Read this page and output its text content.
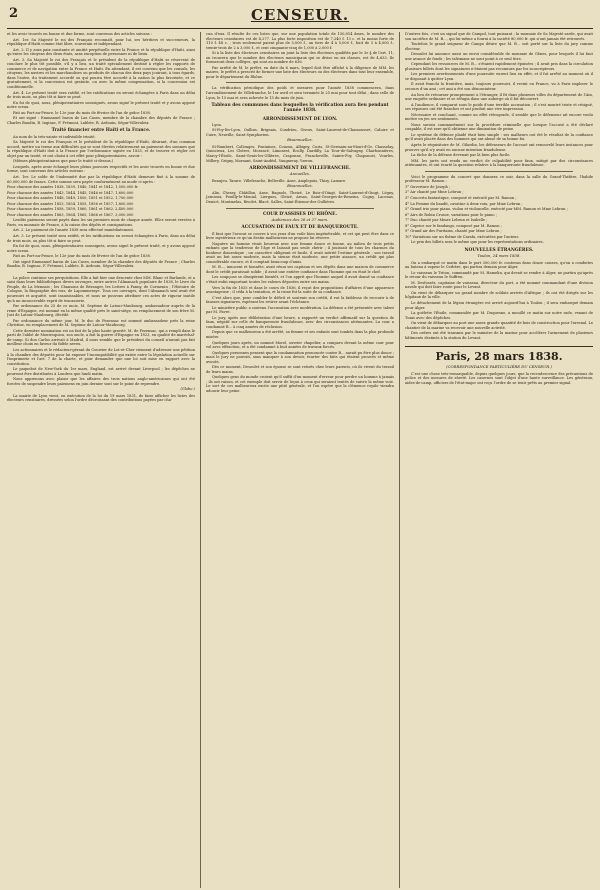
2	CENSEUR.

et les avoir trouvés en bonne et due forme, sont convenus des articles suivans :

Art. 1er. Sa Majesté le roi des Français reconnaît, pour lui, ses héritiers et successeurs, la république d'Haïti comme état libre, souverain et indépendant.

Art. 2. Il y aura paix constante et amitié perpétuelle entre la France et la république d'Haïti, ainsi qu'entre les citoyens des deux états, sans exception de personnes ni de lieux.

Art. 3. Sa Majesté le roi des Français et le président de la république d'Haïti se réservent de conclure le plus tôt possible, s'il y a lieu, un traité spécialement destiné à régler les rapports de commerce et de navigation entre la France et Haïti. En attendant, il est convenu que les consuls, les citoyens, les navires et les marchandises ou produits de chacun des deux pays jouiront, à tous égards, dans l'autre, du traitement accordé ou qui pourra être accordé à la nation la plus favorisée, et ce gratuitement, si la concession est gratuite, ou avec la même compensation, si la concession est conditionnelle.

Art. 4. Le présent traité sera ratifié, et les ratifications en seront échangées à Paris dans un délai de trois mois, ou plus tôt si faire se peut.

En foi de quoi, nous, plénipotentiaires soussignés, avons signé le présent traité et y avons apposé notre sceau.

Fait au Port-au-Prince, le 12e jour du mois de février de l'an de grâce 1838.

Et ont signé : Emmanuel baron de Las Cases, membre de la chambre des députés de France ; Charles Baudin, B. Inginac, F. Frémont, Labbée, B. Ardouin, Ségur-Villevaleix.

Traité financier entre Haïti et la France.

Au nom de la très-sainte et indivisible trinité.

Sa Majesté le roi des Français et le président de la république d'Haïti, désirant, d'un commun accord, mettre un terme aux difficultés qui se sont élevées relativement au paiement des sommes que la république d'Haïti doit à la France par l'ordonnance signée en 1825, et de trouver et régler cet objet par un traité, et ont choisi à cet effet pour plénipotentiaires, savoir :

(Mêmes plénipotentiaires que pour le traité ci-dessus.)

Lesquels, après avoir échangé leurs pleins pouvoirs respectifs et les avoir trouvés en bonne et due forme, sont convenus des articles suivans :

Art. 1er. Le solde de l'indemnité due par la république d'Haïti demeure fixé à la somme de 60,000,000 de francs. Cette somme sera payée conformément au mode ci-après :

Pour chacune des années 1838, 1839, 1840, 1841 et 1842, 1,500,000 fr.

Pour chacune des années 1843, 1844, 1845, 1846 et 1847, 1,600,000

Pour chacune des années 1848, 1849, 1850, 1851 et 1852, 1,700,000

Pour chacune des années 1853, 1854, 1855, 1856 et 1857, 1,800,000

Pour chacune des années 1858, 1859, 1860, 1861 et 1862, 2,400,000

Pour chacune des années 1863, 1864, 1865, 1866 et 1867, 3,000,000

Lesdits paiemens seront payés dans les six premiers mois de chaque année. Elles seront versées à Paris, en monnaie de France, à la caisse des dépôts et consignations.

Art. 2. Le paiement de l'année 1838 sera effectué immédiatement.

Art. 3. Le présent traité sera ratifié, et les ratifications en seront échangées à Paris, dans un délai de trois mois, ou plus tôt si faire se peut.

En foi de quoi, nous, plénipotentiaires soussignés, avons signé le présent traité, et y avons apposé notre sceau.

Fait au Port-au-Prince, le 12e jour du mois de février de l'an de grâce 1838.

Ont signé Emmanuel baron de Las Cases, membre de la chambre des députés de France ; Charles Baudin, B. Inginac, F. Frémont, Labbée, B. Ardouin, Ségur-Villevaleix.

La police continue ses perquisitions. Elle a fait hier une descente chez MM. Blanc et Barlande, et a saisi dans leurs bibliothèques divers ouvrages, entre autres l'Almanach populaire de 1838, le Livre du Peuple, de La Mennais ; les Chansons de Béranger, les Lettres à Fanny, de Cormenin ; l'Histoire de Cologne, la Biographie des rois, de Lapommeraye. Tous ces ouvrages, dont l'Almanach seul avait été poursuivi et acquitté, sont insaisissables, et nous ne pouvons attribuer ces actes de rigueur inutile qu'à un inconcevable esprit de tracasserie.

Par ordonnance du 25 de ce mois, M. Septime de Latour-Maubourg, ambassadeur auprès de la reine d'Espagne, est nommé en la même qualité près le saint-siège, en remplacement de son frère M. Just de Latour-Maubourg, décédé.

Par ordonnance du même jour, M. le duc de Fezensac est nommé ambassadeur près la reine Christine, en remplacement de M. Septime de Latour-Maubourg.

Cette dernière nomination est un fait de la plus haute gravité. M. de Fezensac, qui a rempli dans le parti de l'abbé de Montesquiou, son oncle, a fait la guerre d'Espagne en 1823, en qualité de maréchal-de-camp. Si don Carlos arrivait à Madrid, il nous semble que le président du conseil n'aurait pas fait meilleur choix en faveur du fidèle neveu.

Les actionnaires et le rédacteur-gérant du Courrier de Lot-et-Cher viennent d'adresser une pétition à la chambre des députés pour lui exposer l'incompatibilité qui existe entre la législation actuelle sur l'imprimerie et l'art. 7 de la charte, et pour demander que une loi soit mise en rapport avec la constitution.

Le paquebot de New-York du 1er mars, England, est arrivé devant Liverpool ; les dépêches ne pourront être distribuées à Londres que lundi matin.

Nous apprenons avec plaisir que les affaires des trois nations anglo-américaines qui ont été forcées de suspendre leurs paiemens en juin dernier sont sur le point de reprendre.

(Globe.)

La mairie de Lyon vient, en exécution de la loi du 19 mars 1831, de faire afficher les listes des électeurs censitaires, dressées selon l'ordre décroissant des contributions payées par cha-

cun d'eux. Il résulte de ces listes que, sur une population totale de 150,814 âmes, le nombre des électeurs censitaires est de 4,277. La plus forte imposition est de 7,240 f. 13 c. et la moins forte de 110 f. 48 c. ; trois seulement paient plus de 5,000 f., un tiers de 4 à 5,000 f., huit de 3 à 4,000 f., trente-trois de 2 à 3,000 f., et cent cinquante-cinq de 1,000 à 2,000 f.

Si à la liste des électeurs censitaires on joint la liste des électeurs qualifiés par le 3e § de l'art. 11, on trouvera que le nombre des électeurs municipaux qui se divise en six classes, est de 4,633. Ils formeront deux colléges, qui sont au nombre de 636.

Par arrêté de M. le préfet, en date du 6 mars, lequel doit être affiché à la diligence de MM. les maires, le préfet a prescrit de former une liste des électeurs ou des électeurs dans tout leur ensemble, pour le département du Rhône.

La vérification périodique des poids et mesures pour l'année 1838 commencera, dans l'arrondissement de Villefranche, le 1er avril et sera terminée le 25 mai pour tout délai ; dans celle de Lyon, le 15 mai et sera achevée le 15 du mois de juin.

Tableau des communes dans lesquelles la vérification aura lieu pendant l'année 1838.
ARRONDISSEMENT DE LYON.

Lyon.

St-Foy-lès-Lyon, Oullins, Brignais, Condrieu, Givors, Saint-Laurent-de-Chamousset, Caluire et Cuire, Neuville, Saint-Symphorien.

Bisannuelles.

St-Rambert, Collonges, Fontaines, Couzon, Albigny, Curis, St-Germain-au-Mont-d'Or, Chasselay, Quincieux, Les Chères, Morancé, Limonest, Écully, Dardilly, La Tour-de-Salvagny, Charbonnières, Marcy-l'Étoile, Saint-Genis-les-Ollières, Craponne, Francheville, Sainte-Foy, Chaponost, Vourles, Millery, Grigny, Mornant, Saint-Andéol, Vaugneray, Yzeron.

ARRONDISSEMENT DE VILLEFRANCHE.
Annuelles.

Beaujeu, Tarare, Villefranche, Belleville, Anse, Amplepuis, Thizy, Lamure.

Bisannuelles.

Alix, Chessy, Châtillon, Anse, Bagnols, Theizé, Le Bois-d'Oingt, Saint-Laurent-d'Oingt, Légny, Jarnioux, Pouilly-le-Monial, Liergues, Gleizé, Arnas, Saint-Georges-de-Reneins, Cogny, Lacenas, Denicé, Montmelas, Rivolet, Blacé, Salles, Saint-Étienne-des-Oullières.

COUR D'ASSISES DU RHÔNE.
Audiences des 26 et 27 mars.
ACCUSATION DE FAUX ET DE BANQUEROUTE.

Il faut que l'avocat se couvre à vos yeux d'un voile bien impénétrable, et cet qui peut être dans ce livre mystérieux ce qu'un destin malheureux ne propose lui réserve.

Naguère un homme vivait heureux avec une femme douce et bonne, au milieu de trois petits enfants que la tendresse de l'âge et laissait pas seule chérir ; il jouissait de tous les charmes du bonheur domestique ; un caractère obligeant et facile, il avait mérité l'estime générale ; son travail avait un but assez modeste, mais la sienne était modeste, une petite aisance, un crédit qui plus considérable encore, et il comptait beaucoup d'amis.

M. B..., innocent et honnête, avait réuni ses capitaux et ses dépôts dans une maison de commerce dont le crédit paraissait solide ; il avait une entière confiance dans l'homme qui en était le chef.

Les soupçons se dissipèrent bientôt, et l'on apprit que l'homme auquel il avait donné sa confiance s'était enfui emportant toutes les valeurs déposées entre ses mains.

Vers la fin de 1835 et dans le cours de 1836, il reçut des propositions d'affaires d'une apparence avantageuse ; il céda à la tentation, et la ruine fut la suite de sa confiance.

C'est alors que, pour combler le déficit et soutenir son crédit, il eut la faiblesse de recourir à de fausses signatures, espérant les retirer avant l'échéance.

Le ministère public a soutenu l'accusation avec modération. La défense a été présentée avec talent par M. Favre.

Le jury, après une délibération d'une heure, a rapporté un verdict affirmatif sur la question de faux, négatif sur celle de banqueroute frauduleuse, avec des circonstances atténuantes. La cour a condamné B... à cinq années de réclusion.

Depuis que ce malheureux a été arrêté, sa femme et ses enfants sont tombés dans la plus profonde misère.

Quelques jours après, un nommé Morel, ouvrier chapelier, a comparu devant la même cour pour vol avec effraction, et a été condamné à huit années de travaux forcés.

Quelques personnes pensent que la condamnation prononcée contre B... aurait pu être plus douce ; mais le jury ne pouvait, sans manquer à son devoir, écarter des faits qui étaient prouvés et même avoués.

Dès ce moment, Desoulet et son épouse se sont retirés chez leurs parents, où ils vivent du travail de leurs mains.

Quelques gens du monde croient qu'il suffit d'un moment d'erreur pour perdre un homme à jamais ; ils ont raison, et cet exemple doit servir de leçon à ceux qui seraient tentés de suivre la même voie. Le sort de ces malheureux excite une pitié générale, et l'on espère que la clémence royale viendra adoucir leur peine.

D'autres fois, c'est un signal que de Campol, tout puissant ; la monnaie de Sa Majesté sarde, qui avait son sacrifice de M. B..., qui lui-même a fourni à la société 80,000 fr. qui n'ont jamais été retrouvés.

Toutefois le grand seigneur de Campo désire que M. B... soit porté sur la liste du jury comme électeur.

Desoulet lui annonce aussi un envoi considérable de monnaie de Gênes, pour lesquels il lui faut une avance de fonds ; les talismans ne sont point à ce seul titre.

Cependant les ressources de M. B... s'étaient rapidement épuisées ; il avait pris dans la circulation plusieurs billets dont les signatures n'étaient pas reconnues par les souscripteurs.

Les premiers avertissements d'une poursuite eurent lieu en effet, et il fut arrêté au moment où il se disposait à quitter Lyon.

Il avait franchi la frontière, mais, toujours poursuivi, il revint en France, vu à Paris implorer le secours d'un ami ; cet ami a été son dénonciateur.

Au lieu de retourner promptement à l'étranger, il fit dans plusieurs villes du département de l'Ain, une enquête ordinaire et se réfugia dans une auberge où il fut découvert.

A l'audience, il comparut sous le poids d'une terrible accusation ; il s'est montré triste et résigné, ses réponses ont été franches et ont produit une vive impression.

Nécessaire et concluant, comme un effet rétrograde, il semble que le défenseur ait encore voulu mettre en jeu ses sentiments.

Nous savons communément sur la procédure criminelle que lorsque l'accusé a été déclaré coupable, il est rare qu'il obtienne une diminution de peine.

Le système de défense plaidé était bien simple : ses malheurs ont été le résultat de la confiance qu'il avait placée dans des hommes qui ont abusé de sa bonne foi.

Après le réquisitoire de M. Gilardin, les défenseurs de l'accusé ont renouvelé leurs instances pour prouver qu'il n'y avait eu aucune intention frauduleuse.

La tâche de la défense devenait par là bien plus facile.

MM. les jurés ont rendu un verdict de culpabilité pour faux, mitigé par des circonstances atténuantes, et ont écarté la question relative à la banqueroute frauduleuse.

Voici le programme du concert que donnera ce soir, dans la salle du Grand-Théâtre, l'habile professeur M. Ramon :

1° Ouverture de Joseph ;

2° Air chanté par Mme Lebrun ;

3° Concerto fantastique, composé et exécuté par M. Ramon ;

4° La Femme du bandit, cavatine à deux voix, par Mme Lebrun ;

5° Grand trio pour piano, violon et violoncelle, exécuté par MM. Ramon et Mme Lebrun ;

6° Airs de Robin Crusoe, variations pour le piano ;

7° Duo chanté par Mmes Lebrun et Isabelle ;

8° Caprice sur le fandango, composé par M. Ramon ;

9° Grand air des Puritains, chanté par Mme Lebrun ;

10° Variations sur un thème de Carafa, exécutées par l'auteur.

Le prix des billets sera le même que pour les représentations ordinaires.

NOUVELLES ÉTRANGÈRES.
Toulon, 24 mars 1838.

On a embarqué ce matin dans le port 300,000 fr. contenus dans douze caisses, qu'on a conduites au bateau à vapeur le Cerbère, qui partira demain pour Alger.

Le vaisseau le Triton, commandé par M. Hamelin, qui devait se rendre à Alger, ne partira qu'après le retour du vaisseau le Suffren.

M. Desfossés, capitaine de vaisseau, directeur du port, a été nommé commandant d'une division navale qui doit faire route pour le Levant.

On vient de débarquer un grand nombre de soldats arrivés d'Afrique ; ils ont été dirigés sur les hôpitaux de la ville.

Le détachement de la légion étrangère est arrivé aujourd'hui à Toulon ; il sera embarqué demain pour Alger.

La goélette l'Étoile, commandée par M. Duquesne, a mouillé ce matin sur notre rade, venant de Tunis avec des dépêches.

On vient de débarquer au port une assez grande quantité de bois de construction pour l'arsenal. Le chantier de la marine va recevoir une nouvelle activité.

Des ordres ont été transmis par le ministre de la marine pour accélérer l'armement de plusieurs bâtiments destinés à la station du Levant.

Paris, 28 mars 1838.
(CORRESPONDANCE PARTICULIÈRE DU CENSEUR.)

C'est une chose très-remarquable, depuis quelques jours, que la recrudescence des précautions de police et des mesures de sûreté. Les casernes sont l'objet d'une haute surveillance. Les généraux, aides-de-camp, officiers de l'état-major ont reçu l'ordre de se tenir prêts au premier signal.
